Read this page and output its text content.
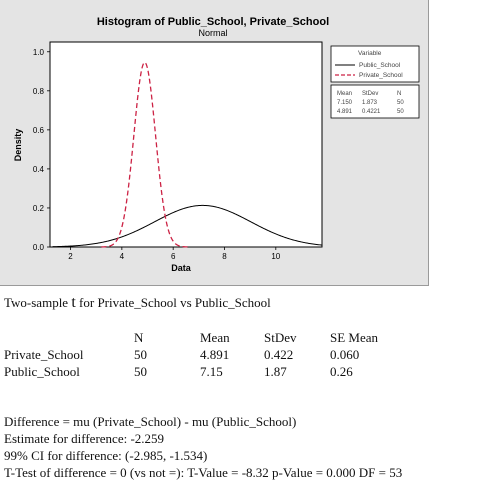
Histogram of Public_School, Private_School
Normal
2	4	6	8	10
0.0
0.2
0.4
0.6
0.8
1.0
Data
Density
Variable
Public_School
Private_School
Mean StDev	N
7.150 1.873	50
4.891 0.4221	50
Two-sample t for Private_School vs Public_School
N	Mean	StDev	SE Mean
Private_School	50	4.891	0.422	0.060
Public_School	50	7.15	1.87	0.26
Difference = mu (Private_School) - mu (Public_School)
Estimate for difference: -2.259
99% CI for difference: (-2.985, -1.534)
T-Test of difference = 0 (vs not =): T-Value = -8.32 p-Value = 0.000 DF = 53
